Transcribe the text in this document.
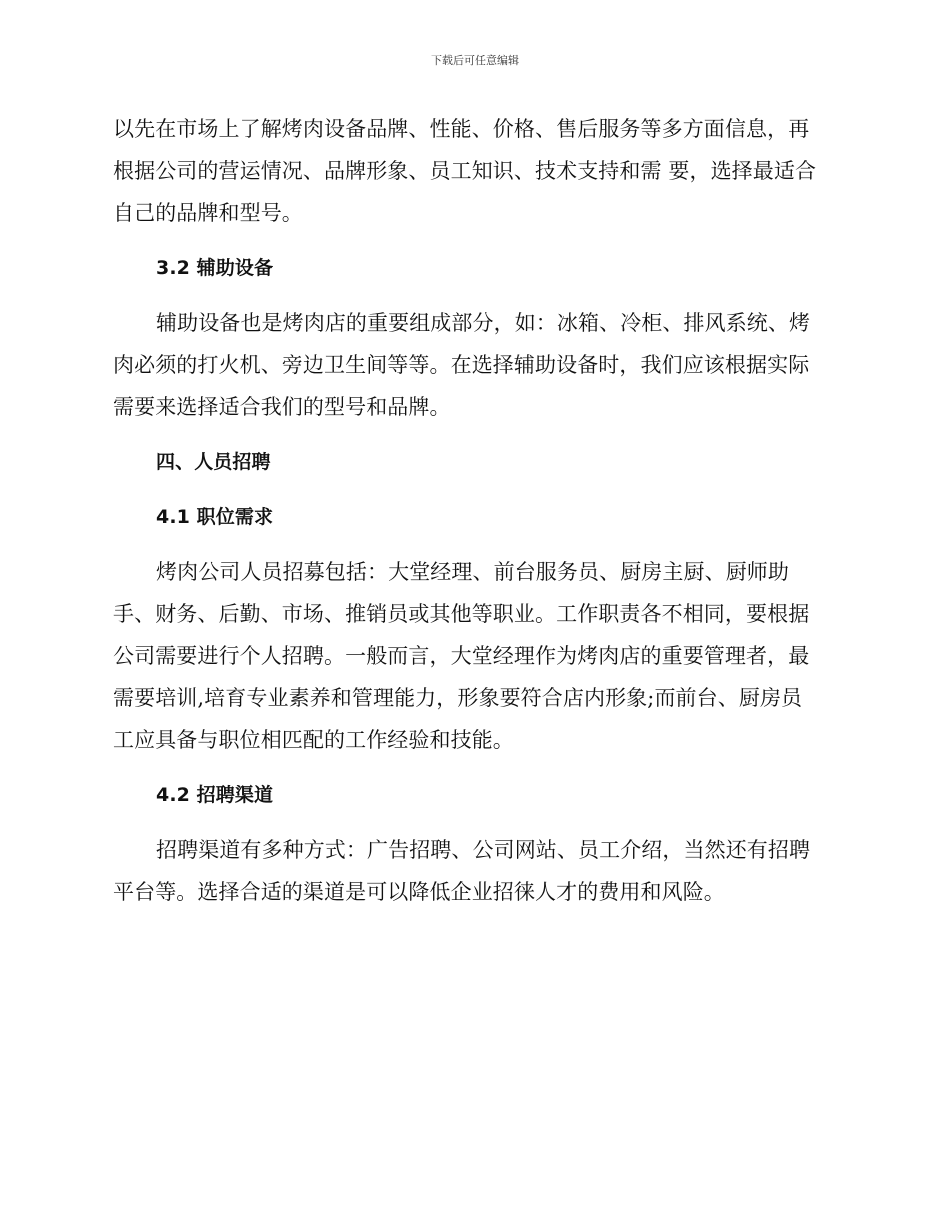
下载后可任意编辑
以先在市场上了解烤肉设备品牌、性能、价格、售后服务等多方面信息，再
根据公司的营运情况、品牌形象、员工知识、技术支持和需 要，选择最适合
自己的品牌和型号。
3.2 辅助设备
辅助设备也是烤肉店的重要组成部分，如：冰箱、冷柜、排风系统、烤
肉必须的打火机、旁边卫生间等等。在选择辅助设备时，我们应该根据实际
需要来选择适合我们的型号和品牌。
四、人员招聘
4.1 职位需求
烤肉公司人员招募包括：大堂经理、前台服务员、厨房主厨、厨师助
手、财务、后勤、市场、推销员或其他等职业。工作职责各不相同，要根据
公司需要进行个人招聘。一般而言，大堂经理作为烤肉店的重要管理者，最
需要培训,培育专业素养和管理能力，形象要符合店内形象;而前台、厨房员
工应具备与职位相匹配的工作经验和技能。
4.2 招聘渠道
招聘渠道有多种方式：广告招聘、公司网站、员工介绍，当然还有招聘
平台等。选择合适的渠道是可以降低企业招徕人才的费用和风险。
